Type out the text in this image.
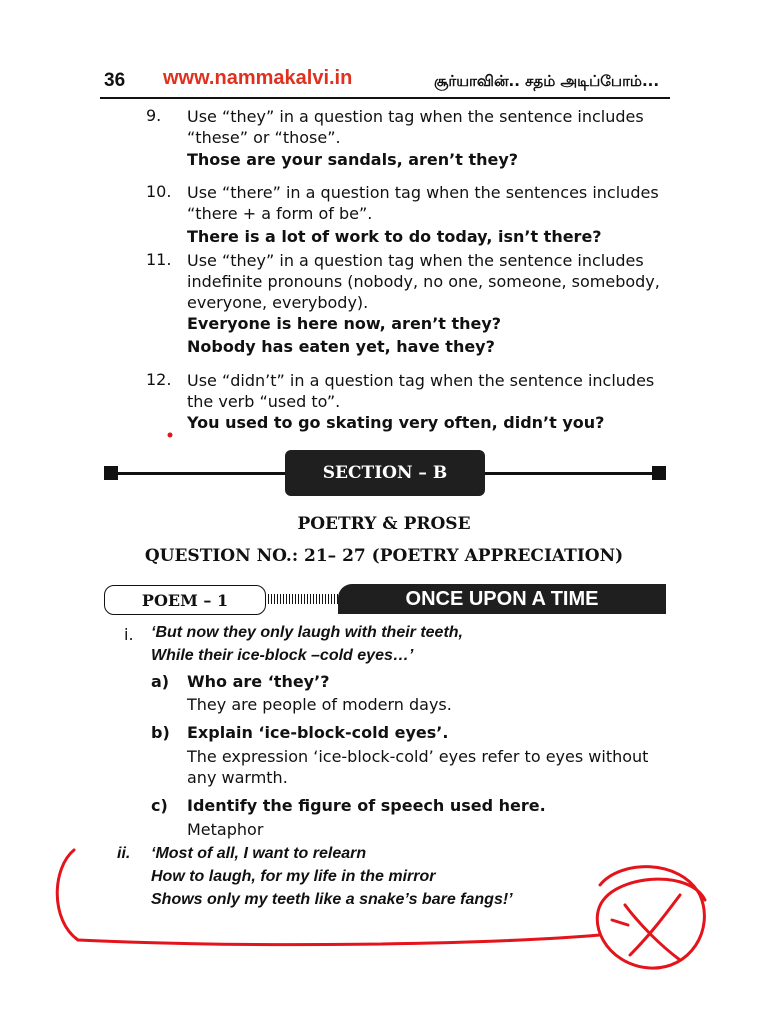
36 www.nammakalvi.in	சூர்யாவின்.. சதம் அடிப்போம்...
9. Use “they” in a question tag when the sentence includes
“these” or “those”.
Those are your sandals, aren’t they?
10. Use “there” in a question tag when the sentences includes
“there + a form of be”.
There is a lot of work to do today, isn’t there?
11. Use “they” in a question tag when the sentence includes
indefinite pronouns (nobody, no one, someone, somebody,
everyone, everybody).
Everyone is here now, aren’t they?
Nobody has eaten yet, have they?
12. Use “didn’t” in a question tag when the sentence includes
the verb “used to”.
You used to go skating very often, didn’t you?
SECTION – B
POETRY & PROSE
QUESTION NO.: 21– 27 (POETRY APPRECIATION)
POEM – 1	ONCE UPON A TIME
i. ‘But now they only laugh with their teeth,
While their ice-block –cold eyes…’
a) Who are ‘they’?
They are people of modern days.
b) Explain ‘ice-block-cold eyes’.
The expression ‘ice-block-cold’ eyes refer to eyes without
any warmth.
c) Identify the figure of speech used here.
Metaphor
ii. ‘Most of all, I want to relearn
How to laugh, for my life in the mirror
Shows only my teeth like a snake’s bare fangs!’
